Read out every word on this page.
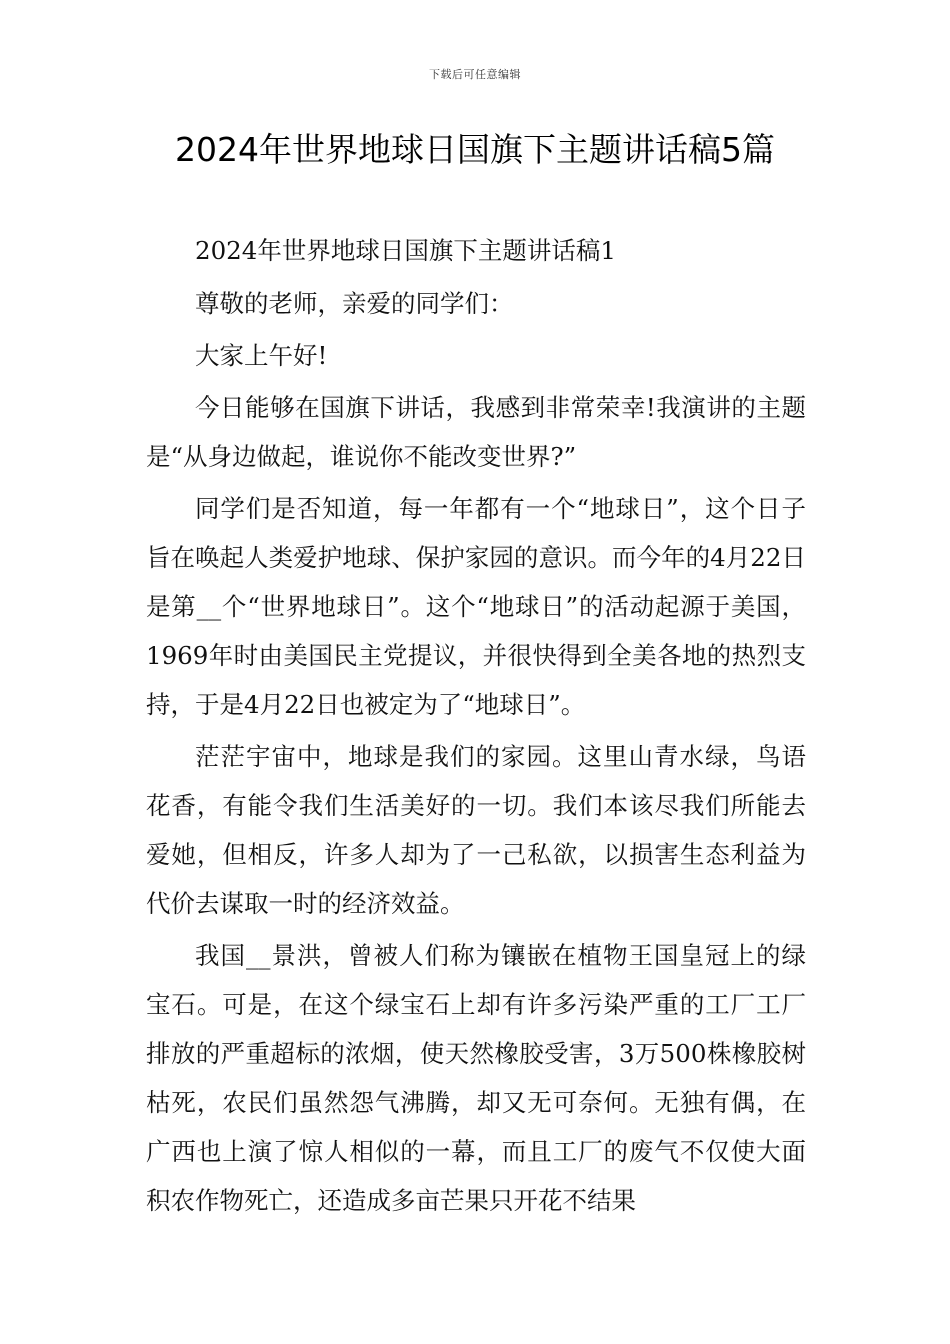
下载后可任意编辑
2024年世界地球日国旗下主题讲话稿5篇

2024年世界地球日国旗下主题讲话稿1

尊敬的老师，亲爱的同学们：

大家上午好!

今日能够在国旗下讲话，我感到非常荣幸!我演讲的主题是“从身边做起，谁说你不能改变世界?”

同学们是否知道，每一年都有一个“地球日”，这个日子旨在唤起人类爱护地球、保护家园的意识。而今年的4月22日是第__个“世界地球日”。这个“地球日”的活动起源于美国，1969年时由美国民主党提议，并很快得到全美各地的热烈支持，于是4月22日也被定为了“地球日”。

茫茫宇宙中，地球是我们的家园。这里山青水绿，鸟语花香，有能令我们生活美好的一切。我们本该尽我们所能去爱她，但相反，许多人却为了一己私欲，以损害生态利益为代价去谋取一时的经济效益。

我国__景洪，曾被人们称为镶嵌在植物王国皇冠上的绿宝石。可是，在这个绿宝石上却有许多污染严重的工厂工厂排放的严重超标的浓烟，使天然橡胶受害，3万500株橡胶树枯死，农民们虽然怨气沸腾，却又无可奈何。无独有偶，在广西也上演了惊人相似的一幕，而且工厂的废气不仅使大面积农作物死亡，还造成多亩芒果只开花不结果
